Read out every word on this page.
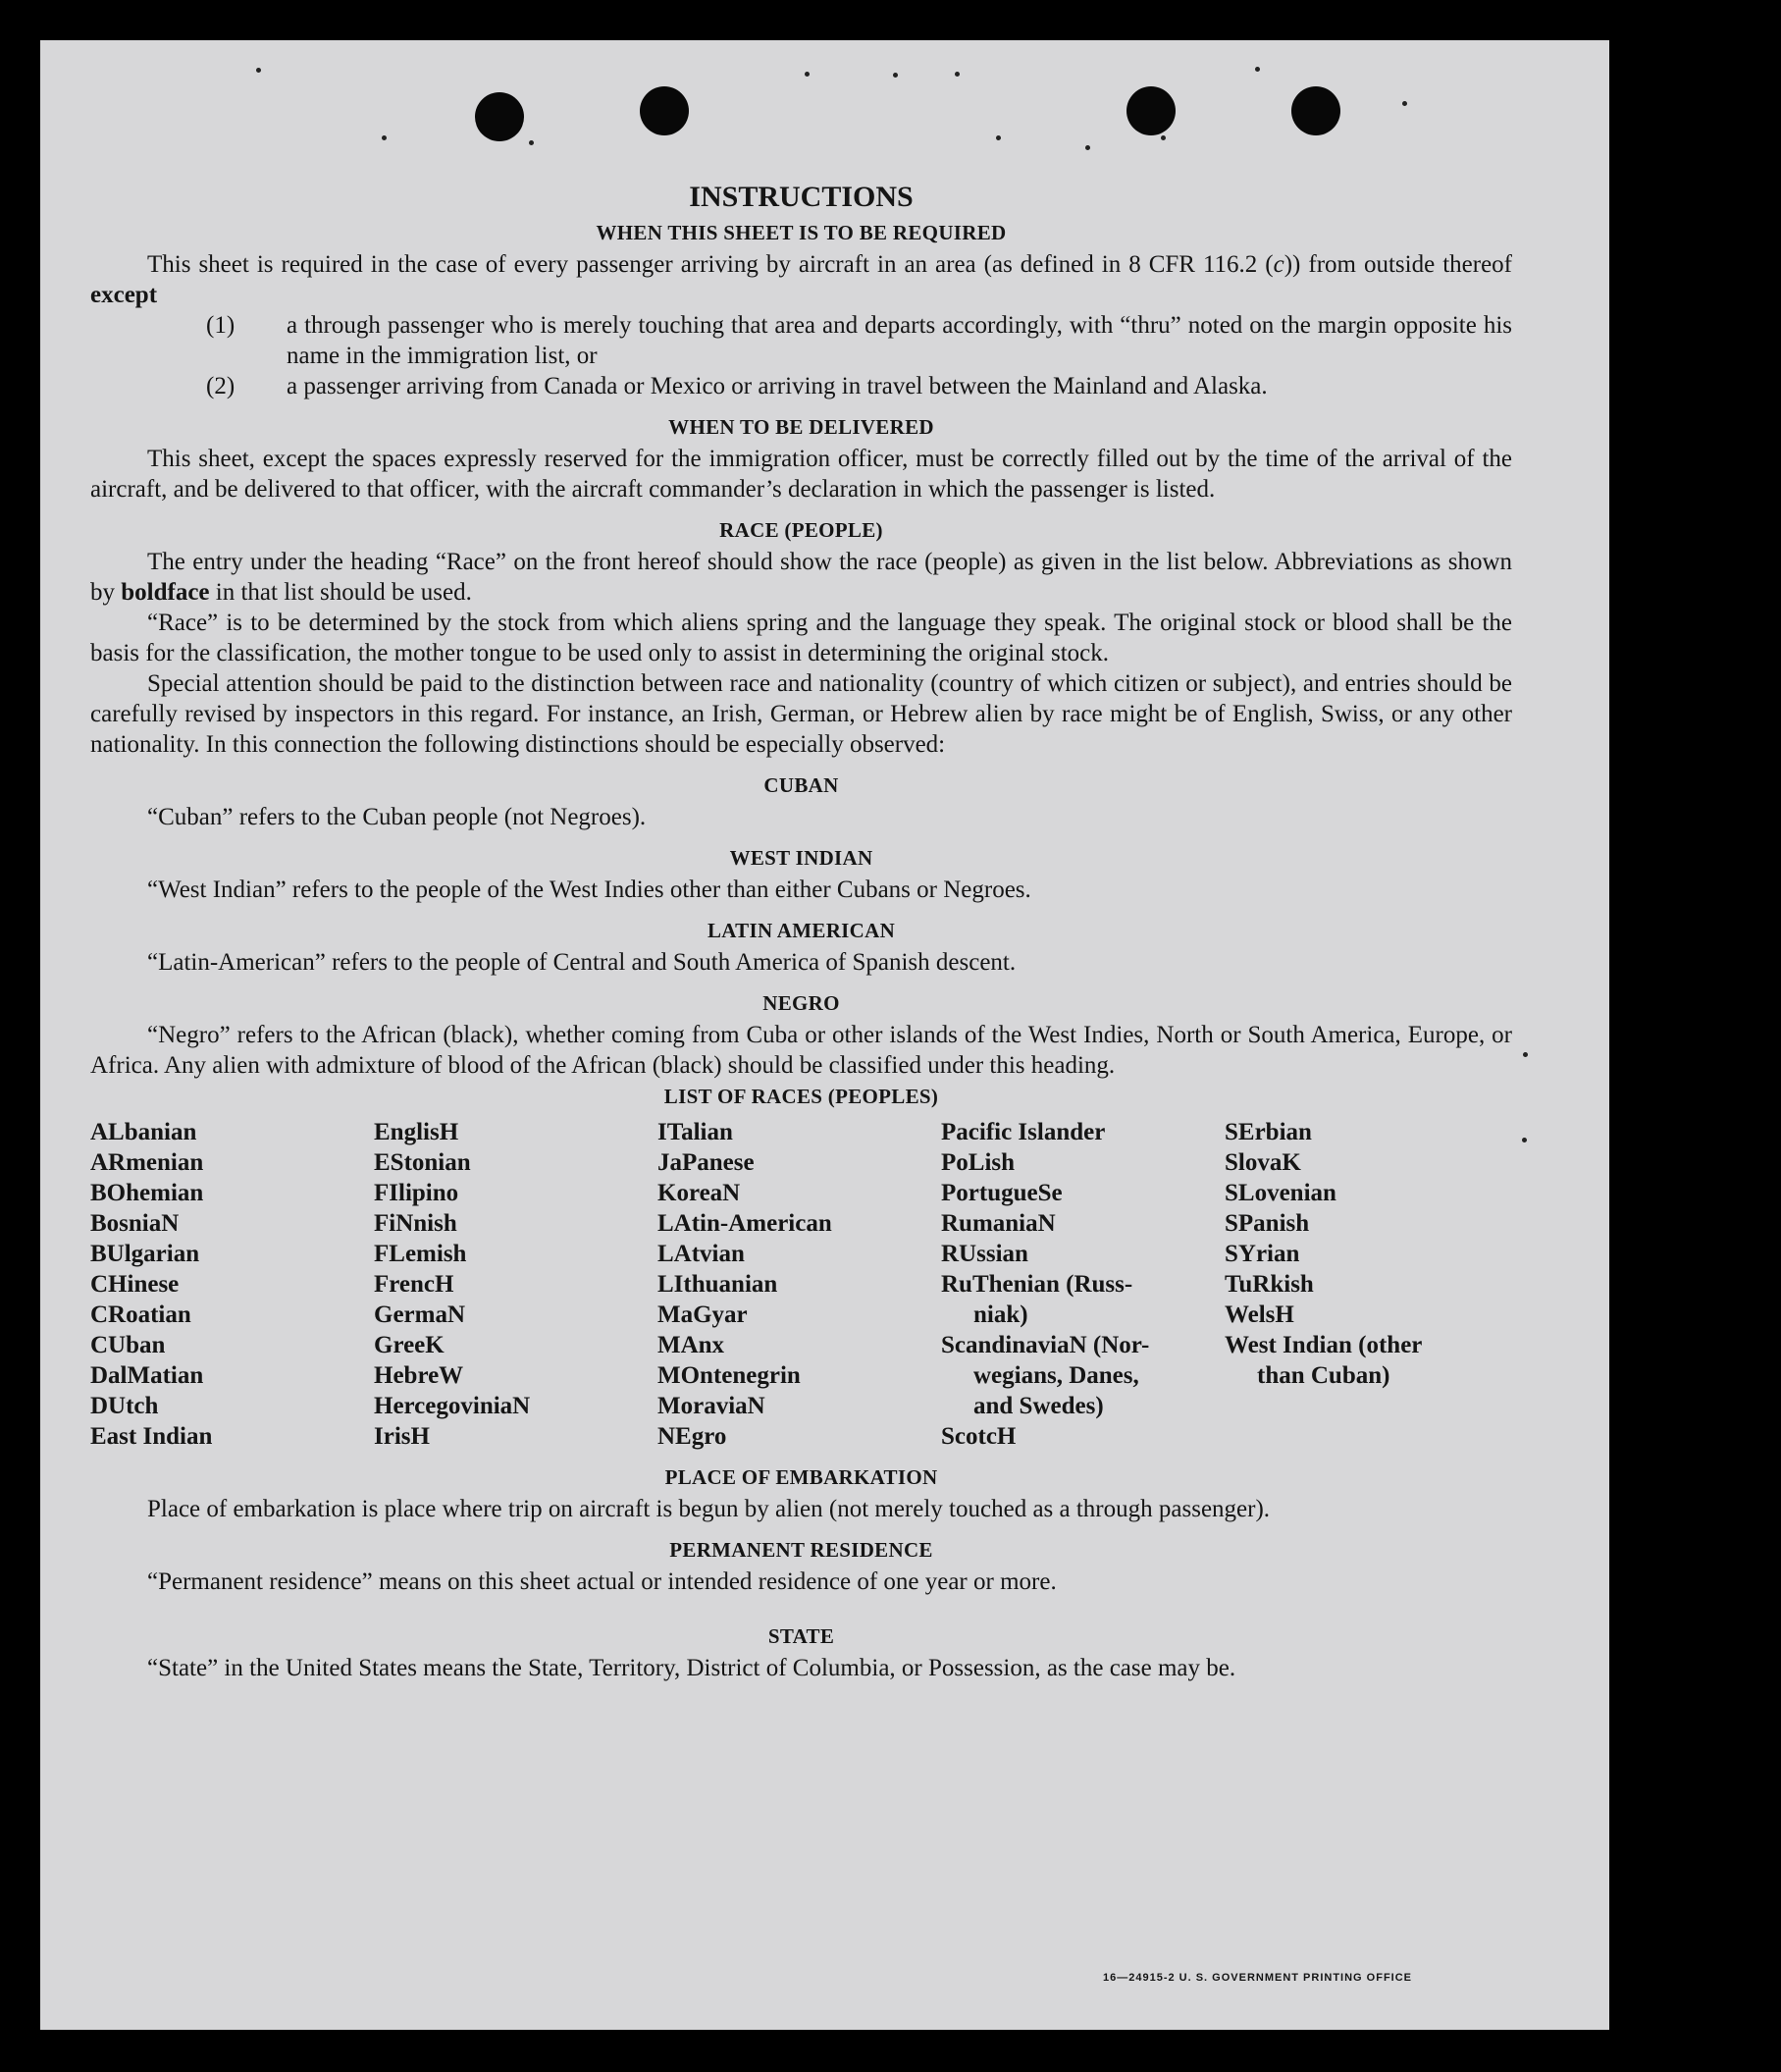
INSTRUCTIONS
WHEN THIS SHEET IS TO BE REQUIRED

This sheet is required in the case of every passenger arriving by aircraft in an area (as defined in 8 CFR 116.2 (c)) from outside thereof except

(1) a through passenger who is merely touching that area and departs accordingly, with “thru” noted on the margin opposite his name in the immigration list, or
(2) a passenger arriving from Canada or Mexico or arriving in travel between the Mainland and Alaska.
WHEN TO BE DELIVERED

This sheet, except the spaces expressly reserved for the immigration officer, must be correctly filled out by the time of the arrival of the aircraft, and be delivered to that officer, with the aircraft commander’s declaration in which the passenger is listed.

RACE (PEOPLE)

The entry under the heading “Race” on the front hereof should show the race (people) as given in the list below. Abbreviations as shown by boldface in that list should be used.

“Race” is to be determined by the stock from which aliens spring and the language they speak. The original stock or blood shall be the basis for the classification, the mother tongue to be used only to assist in determining the original stock.

Special attention should be paid to the distinction between race and nationality (country of which citizen or subject), and entries should be carefully revised by inspectors in this regard. For instance, an Irish, German, or Hebrew alien by race might be of English, Swiss, or any other nationality. In this connection the following distinctions should be especially observed:

CUBAN

“Cuban” refers to the Cuban people (not Negroes).

WEST INDIAN

“West Indian” refers to the people of the West Indies other than either Cubans or Negroes.

LATIN AMERICAN

“Latin-American” refers to the people of Central and South America of Spanish descent.

NEGRO

“Negro” refers to the African (black), whether coming from Cuba or other islands of the West Indies, North or South America, Europe, or Africa. Any alien with admixture of blood of the African (black) should be classified under this heading.

LIST OF RACES (PEOPLES)
ALbanian
ARmenian
BOhemian
BosniaN
BUlgarian
CHinese
CRoatian
CUban
DalMatian
DUtch
East Indian
EnglisH
EStonian
FIlipino
FiNnish
FLemish
FrencH
GermaN
GreeK
HebreW
HercegoviniaN
IrisH
ITalian
JaPanese
KoreaN
LAtin-American
LAtvian
LIthuanian
MaGyar
MAnx
MOntenegrin
MoraviaN
NEgro
Pacific Islander
PoLish
PortugueSe
RumaniaN
RUssian
RuThenian (Russ-
niak)
ScandinaviaN (Nor-
wegians, Danes,
and Swedes)
ScotcH
SErbian
SlovaK
SLovenian
SPanish
SYrian
TuRkish
WelsH
West Indian (other
than Cuban)
PLACE OF EMBARKATION

Place of embarkation is place where trip on aircraft is begun by alien (not merely touched as a through passenger).

PERMANENT RESIDENCE

“Permanent residence” means on this sheet actual or intended residence of one year or more.

STATE

“State” in the United States means the State, Territory, District of Columbia, or Possession, as the case may be.

16—24915-2 U. S. GOVERNMENT PRINTING OFFICE
